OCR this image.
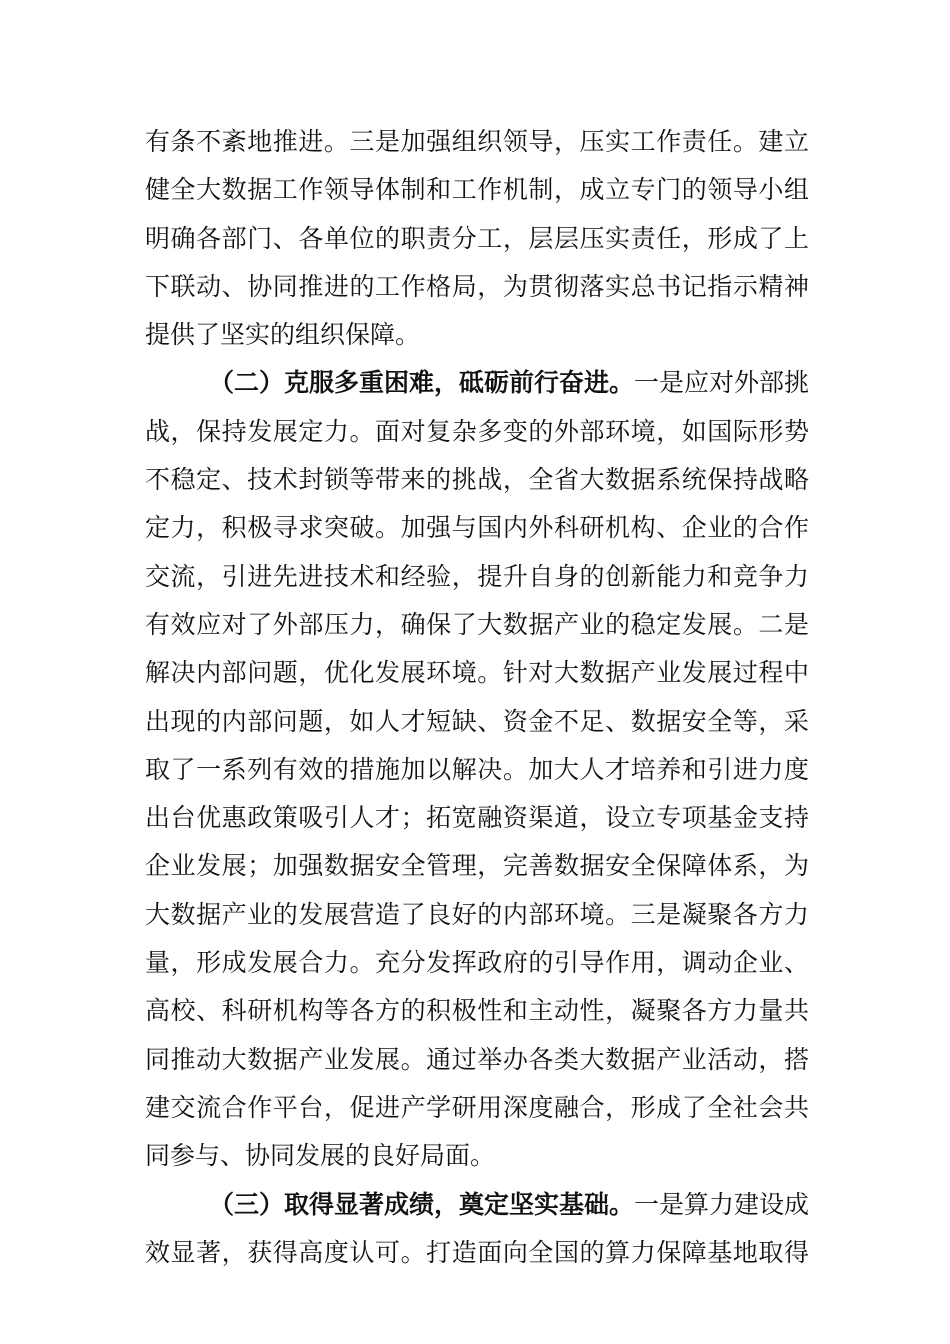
有条不紊地推进。三是加强组织领导，压实工作责任。建立
健全大数据工作领导体制和工作机制，成立专门的领导小组
明确各部门、各单位的职责分工，层层压实责任，形成了上
下联动、协同推进的工作格局，为贯彻落实总书记指示精神
提供了坚实的组织保障。
（二）克服多重困难，砥砺前行奋进。一是应对外部挑
战，保持发展定力。面对复杂多变的外部环境，如国际形势
不稳定、技术封锁等带来的挑战，全省大数据系统保持战略
定力，积极寻求突破。加强与国内外科研机构、企业的合作
交流，引进先进技术和经验，提升自身的创新能力和竞争力
有效应对了外部压力，确保了大数据产业的稳定发展。二是
解决内部问题，优化发展环境。针对大数据产业发展过程中
出现的内部问题，如人才短缺、资金不足、数据安全等，采
取了一系列有效的措施加以解决。加大人才培养和引进力度
出台优惠政策吸引人才；拓宽融资渠道，设立专项基金支持
企业发展；加强数据安全管理，完善数据安全保障体系，为
大数据产业的发展营造了良好的内部环境。三是凝聚各方力
量，形成发展合力。充分发挥政府的引导作用，调动企业、
高校、科研机构等各方的积极性和主动性，凝聚各方力量共
同推动大数据产业发展。通过举办各类大数据产业活动，搭
建交流合作平台，促进产学研用深度融合，形成了全社会共
同参与、协同发展的良好局面。
（三）取得显著成绩，奠定坚实基础。一是算力建设成
效显著，获得高度认可。打造面向全国的算力保障基地取得
